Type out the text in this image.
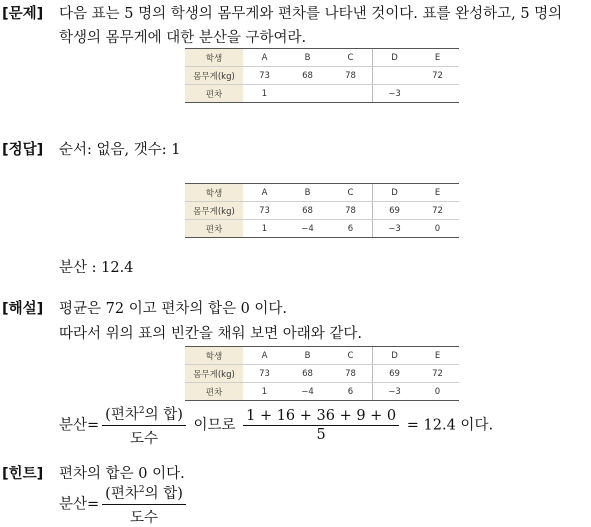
[문제] 다음 표는 5 명의 학생의 몸무게와 편차를 나타낸 것이다. 표를 완성하고, 5 명의
학생의 몸무게에 대한 분산을 구하여라.
학생	A	B	C	D	E
몸무게(kg)	73	68	78		72
편차	1			−3	
[정답] 순서: 없음, 갯수: 1
학생	A	B	C	D	E
몸무게(kg)	73	68	78	69	72
편차	1	−4	6	−3	0
분산 : 12.4
[해설] 평균은 72 이고 편차의 합은 0 이다.
따라서 위의 표의 빈칸을 채워 보면 아래와 같다.
학생	A	B	C	D	E
몸무게(kg)	73	68	78	69	72
편차	1	−4	6	−3	0
분산= $\frac{(편차^2의 합)}{\text{도수}}$ 이므로 $\frac{1 + 16 + 36 + 9 + 0}{5} = 12.4$ 이다.
[힌트] 편차의 합은 0 이다.
분산= $\frac{(편차^2의 합)}{\text{도수}}$
